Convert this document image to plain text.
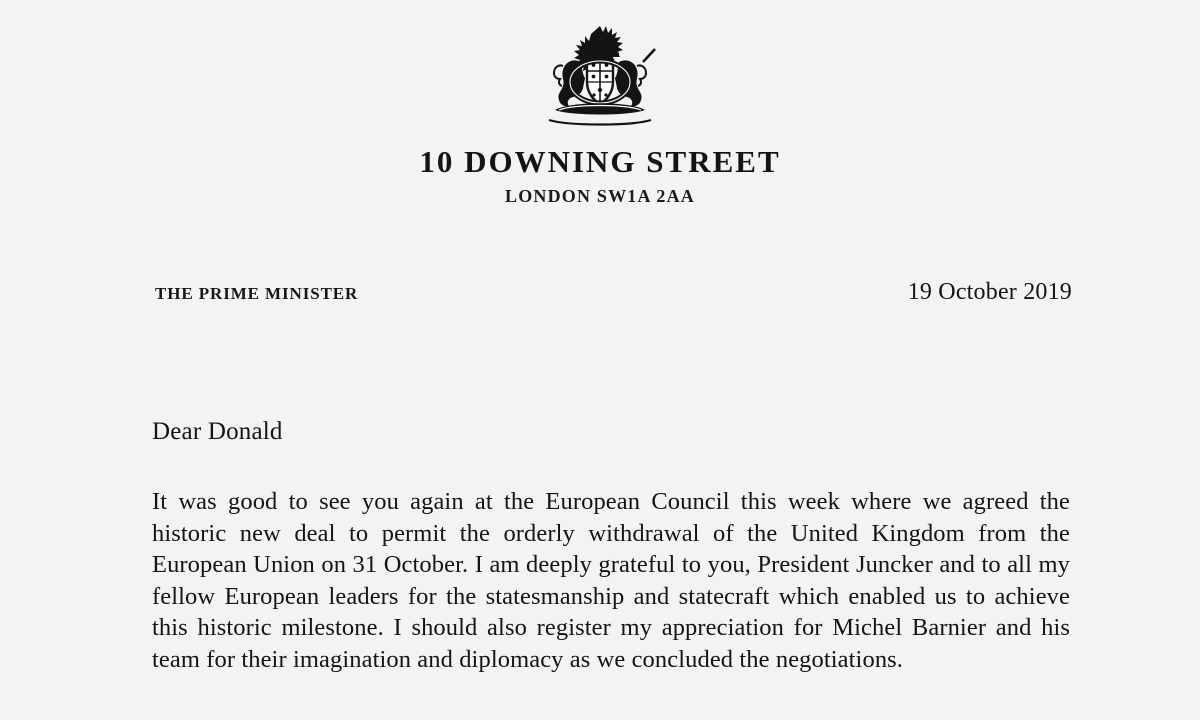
10 DOWNING STREET
LONDON SW1A 2AA
THE PRIME MINISTER	19 October 2019
Dear Donald

It was good to see you again at the European Council this week where we agreed the historic new deal to permit the orderly withdrawal of the United Kingdom from the European Union on 31 October. I am deeply grateful to you, President Juncker and to all my fellow European leaders for the statesmanship and statecraft which enabled us to achieve this historic milestone. I should also register my appreciation for Michel Barnier and his team for their imagination and diplomacy as we concluded the negotiations.
